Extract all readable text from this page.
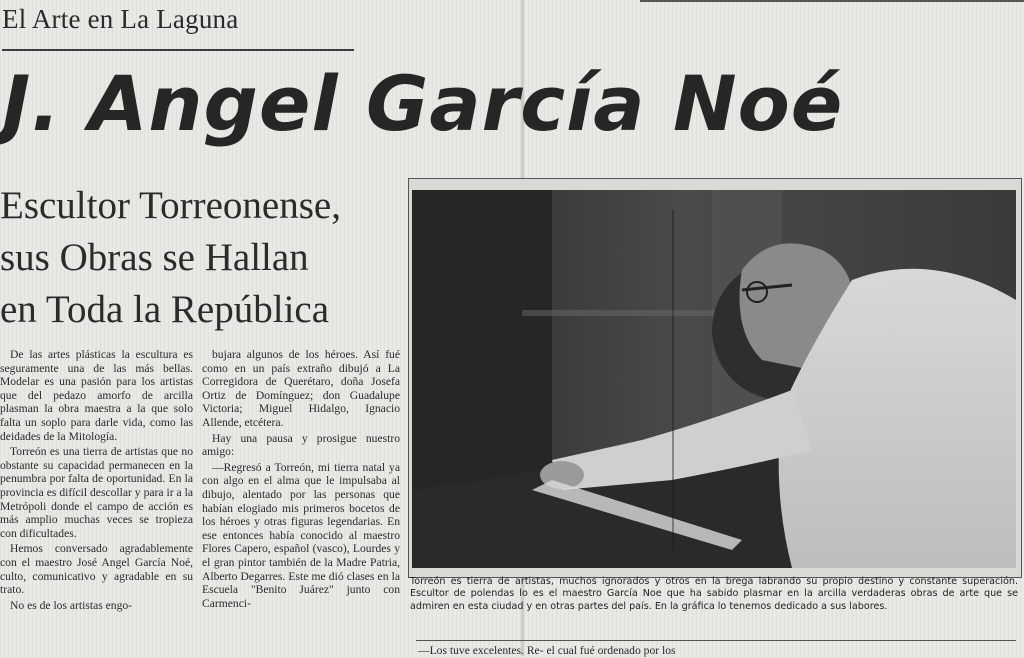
El Arte en La Laguna
J. Angel García Noé
Escultor Torreonense,
sus Obras se Hallan
en Toda la República

De las artes plásticas la escultura es seguramente una de las más bellas. Modelar es una pasión para los artistas que del pedazo amorfo de arcilla plasman la obra maestra a la que solo falta un soplo para darle vida, como las deidades de la Mitología.

Torreón es una tierra de artistas que no obstante su capacidad permanecen en la penumbra por falta de oportunidad. En la provincia es difícil descollar y para ir a la Metrópoli donde el campo de acción es más amplio muchas veces se tropieza con dificultades.

Hemos conversado agradablemente con el maestro José Angel García Noé, culto, comunicativo y agradable en su trato.

No es de los artistas engo-

bujara algunos de los héroes. Así fué como en un país extraño dibujó a La Corregidora de Querétaro, doña Josefa Ortiz de Domínguez; don Guadalupe Victoria; Miguel Hidalgo, Ignacio Allende, etcétera.

Hay una pausa y prosigue nuestro amigo:

—Regresó a Torreón, mi tierra natal ya con algo en el alma que le impulsaba al dibujo, alentado por las personas que habían elogiado mis primeros bocetos de los héroes y otras figuras legendarias. En ese entonces había conocido al maestro Flores Capero, español (vasco), Lourdes y el gran pintor también de la Madre Patria, Alberto Degarres. Este me dió clases en la Escuela "Benito Juárez" junto con Carmenci-

Torreón es tierra de artistas, muchos ignorados y otros en la brega labrando su propio destino y constante superación. Escultor de polendas lo es el maestro García Noe que ha sabido plasmar en la arcilla verdaderas obras de arte que se admiren en esta ciudad y en otras partes del país. En la gráfica lo tenemos dedicado a sus labores.
—Los tuve excelentes. Re- el cual fué ordenado por los
